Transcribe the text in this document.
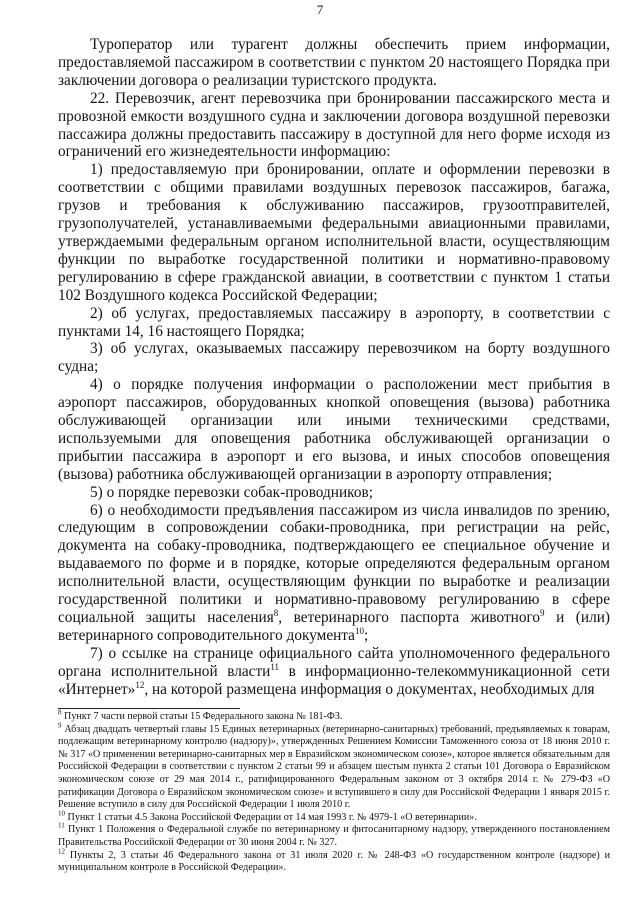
7

Туроператор или турагент должны обеспечить прием информации, предоставляемой пассажиром в соответствии с пунктом 20 настоящего Порядка при заключении договора о реализации туристского продукта.

22. Перевозчик, агент перевозчика при бронировании пассажирского места и провозной емкости воздушного судна и заключении договора воздушной перевозки пассажира должны предоставить пассажиру в доступной для него форме исходя из ограничений его жизнедеятельности информацию:

1) предоставляемую при бронировании, оплате и оформлении перевозки в соответствии с общими правилами воздушных перевозок пассажиров, багажа, грузов и требования к обслуживанию пассажиров, грузоотправителей, грузополучателей, устанавливаемыми федеральными авиационными правилами, утверждаемыми федеральным органом исполнительной власти, осуществляющим функции по выработке государственной политики и нормативно-правовому регулированию в сфере гражданской авиации, в соответствии с пунктом 1 статьи 102 Воздушного кодекса Российской Федерации;

2) об услугах, предоставляемых пассажиру в аэропорту, в соответствии с пунктами 14, 16 настоящего Порядка;

3) об услугах, оказываемых пассажиру перевозчиком на борту воздушного судна;

4) о порядке получения информации о расположении мест прибытия в аэропорт пассажиров, оборудованных кнопкой оповещения (вызова) работника обслуживающей организации или иными техническими средствами, используемыми для оповещения работника обслуживающей организации о прибытии пассажира в аэропорт и его вызова, и иных способов оповещения (вызова) работника обслуживающей организации в аэропорту отправления;

5) о порядке перевозки собак-проводников;

6) о необходимости предъявления пассажиром из числа инвалидов по зрению, следующим в сопровождении собаки-проводника, при регистрации на рейс, документа на собаку-проводника, подтверждающего ее специальное обучение и выдаваемого по форме и в порядке, которые определяются федеральным органом исполнительной власти, осуществляющим функции по выработке и реализации государственной политики и нормативно-правовому регулированию в сфере социальной защиты населения$^8$, ветеринарного паспорта животного$^9$ и (или) ветеринарного сопроводительного документа$^{10}$;

7) о ссылке на странице официального сайта уполномоченного федерального органа исполнительной власти$^{11}$ в информационно-телекоммуникационной сети «Интернет»$^{12}$, на которой размещена информация о документах, необходимых для

$^8$ Пункт 7 части первой статьи 15 Федерального закона № 181-ФЗ.

$^9$ Абзац двадцать четвертый главы 15 Единых ветеринарных (ветеринарно-санитарных) требований, предъявляемых к товарам, подлежащим ветеринарному контролю (надзору)», утвержденных Решением Комиссии Таможенного союза от 18 июня 2010 г. № 317 «О применении ветеринарно-санитарных мер в Евразийском экономическом союзе», которое является обязательным для Российской Федерации в соответствии с пунктом 2 статьи 99 и абзацем шестым пункта 2 статьи 101 Договора о Евразийском экономическом союзе от 29 мая 2014 г., ратифицированного Федеральным законом от 3 октября 2014 г. № 279-ФЗ «О ратификации Договора о Евразийском экономическом союзе» и вступившего в силу для Российской Федерации 1 января 2015 г. Решение вступило в силу для Российской Федерации 1 июля 2010 г.

$^{10}$ Пункт 1 статьи 4.5 Закона Российской Федерации от 14 мая 1993 г. № 4979-1 «О ветеринарии».

$^{11}$ Пункт 1 Положения о Федеральной службе по ветеринарному и фитосанитарному надзору, утвержденного постановлением Правительства Российской Федерации от 30 июня 2004 г. № 327.

$^{12}$ Пункты 2, 3 статьи 46 Федерального закона от 31 июля 2020 г. № 248-ФЗ «О государственном контроле (надзоре) и муниципальном контроле в Российской Федерации».
